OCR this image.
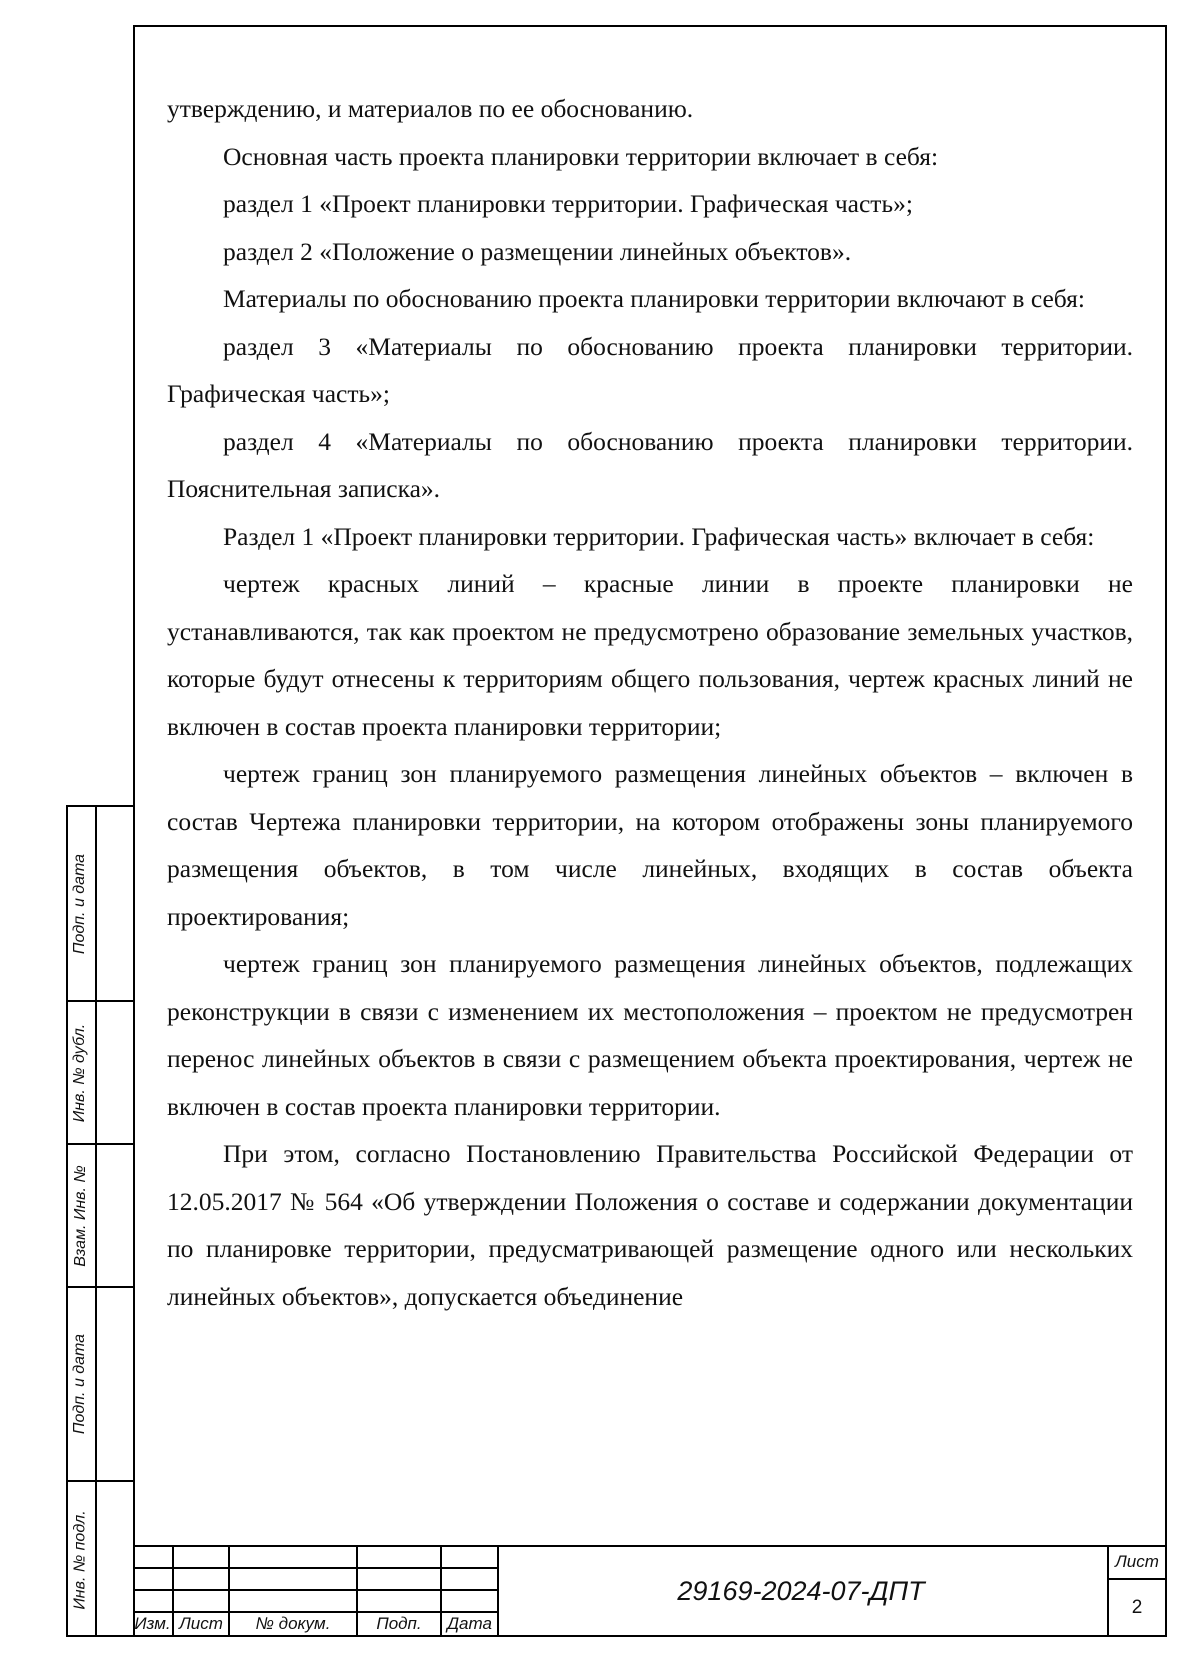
утверждению, и материалов по ее обоснованию.

Основная часть проекта планировки территории включает в себя:

раздел 1 «Проект планировки территории. Графическая часть»;

раздел 2 «Положение о размещении линейных объектов».

Материалы по обоснованию проекта планировки территории включают в себя:

раздел 3 «Материалы по обоснованию проекта планировки территории. Графическая часть»;

раздел 4 «Материалы по обоснованию проекта планировки территории. Пояснительная записка».

Раздел 1 «Проект планировки территории. Графическая часть» включает в себя:

чертеж красных линий – красные линии в проекте планировки не устанавливаются, так как проектом не предусмотрено образование земельных участков, которые будут отнесены к территориям общего пользования, чертеж красных линий не включен в состав проекта планировки территории;

чертеж границ зон планируемого размещения линейных объектов – включен в состав Чертежа планировки территории, на котором отображены зоны планируемого размещения объектов, в том числе линейных, входящих в состав объекта проектирования;

чертеж границ зон планируемого размещения линейных объектов, подлежащих реконструкции в связи с изменением их местоположения – проектом не предусмотрен перенос линейных объектов в связи с размещением объекта проектирования, чертеж не включен в состав проекта планировки территории.

При этом, согласно Постановлению Правительства Российской Федерации от 12.05.2017 № 564 «Об утверждении Положения о составе и содержании документации по планировке территории, предусматривающей размещение одного или нескольких линейных объектов», допускается объединение

Подп. и дата
Инв. № дубл.
Взам. Инв. №
Подп. и дата
Инв. № подл.
Изм. Лист	№ докум.	Подп.	Дата
29169-2024-07-ДПТ
Лист
2
